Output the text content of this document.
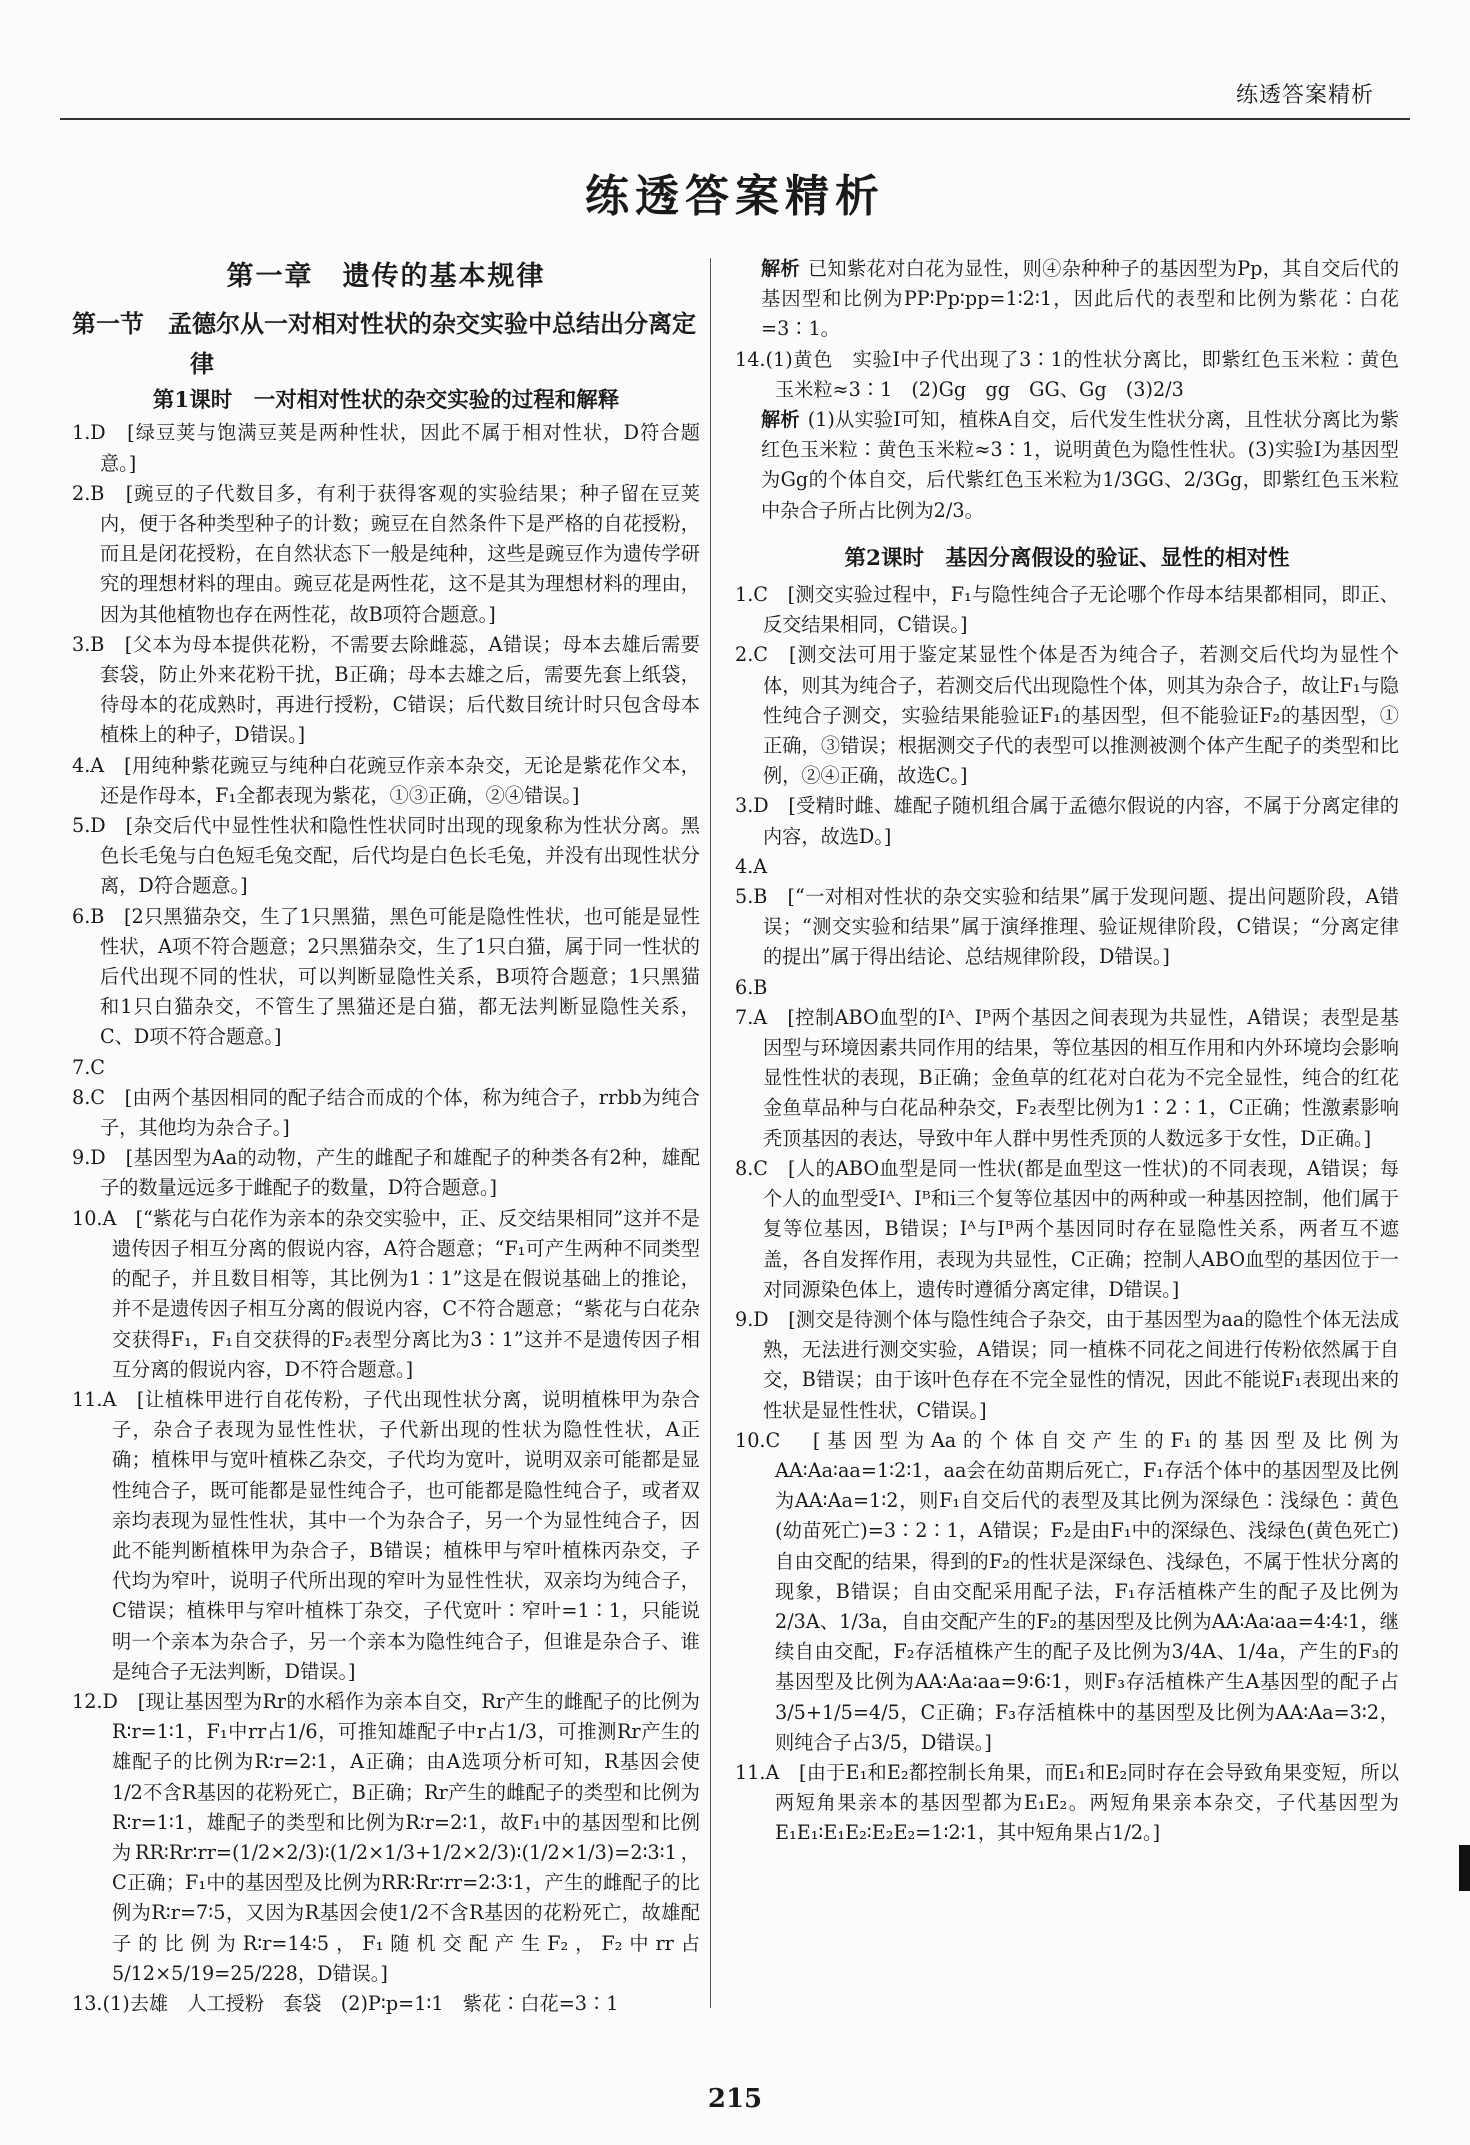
练透答案精析
练透答案精析
第一章　遗传的基本规律
第一节　孟德尔从一对相对性状的杂交实验中总结出分离定律
第1课时　一对相对性状的杂交实验的过程和解释

1.D　[绿豆荚与饱满豆荚是两种性状，因此不属于相对性状，D符合题意。]

2.B　[豌豆的子代数目多，有利于获得客观的实验结果；种子留在豆荚内，便于各种类型种子的计数；豌豆在自然条件下是严格的自花授粉，而且是闭花授粉，在自然状态下一般是纯种，这些是豌豆作为遗传学研究的理想材料的理由。豌豆花是两性花，这不是其为理想材料的理由，因为其他植物也存在两性花，故B项符合题意。]

3.B　[父本为母本提供花粉，不需要去除雌蕊，A错误；母本去雄后需要套袋，防止外来花粉干扰，B正确；母本去雄之后，需要先套上纸袋，待母本的花成熟时，再进行授粉，C错误；后代数目统计时只包含母本植株上的种子，D错误。]

4.A　[用纯种紫花豌豆与纯种白花豌豆作亲本杂交，无论是紫花作父本，还是作母本，F₁全都表现为紫花，①③正确，②④错误。]

5.D　[杂交后代中显性性状和隐性性状同时出现的现象称为性状分离。黑色长毛兔与白色短毛兔交配，后代均是白色长毛兔，并没有出现性状分离，D符合题意。]

6.B　[2只黑猫杂交，生了1只黑猫，黑色可能是隐性性状，也可能是显性性状，A项不符合题意；2只黑猫杂交，生了1只白猫，属于同一性状的后代出现不同的性状，可以判断显隐性关系，B项符合题意；1只黑猫和1只白猫杂交，不管生了黑猫还是白猫，都无法判断显隐性关系，C、D项不符合题意。]

7.C

8.C　[由两个基因相同的配子结合而成的个体，称为纯合子，rrbb为纯合子，其他均为杂合子。]

9.D　[基因型为Aa的动物，产生的雌配子和雄配子的种类各有2种，雄配子的数量远远多于雌配子的数量，D符合题意。]

10.A　[“紫花与白花作为亲本的杂交实验中，正、反交结果相同”这并不是遗传因子相互分离的假说内容，A符合题意；“F₁可产生两种不同类型的配子，并且数目相等，其比例为1∶1”这是在假说基础上的推论，并不是遗传因子相互分离的假说内容，C不符合题意；“紫花与白花杂交获得F₁，F₁自交获得的F₂表型分离比为3∶1”这并不是遗传因子相互分离的假说内容，D不符合题意。]

11.A　[让植株甲进行自花传粉，子代出现性状分离，说明植株甲为杂合子，杂合子表现为显性性状，子代新出现的性状为隐性性状，A正确；植株甲与宽叶植株乙杂交，子代均为宽叶，说明双亲可能都是显性纯合子，既可能都是显性纯合子，也可能都是隐性纯合子，或者双亲均表现为显性性状，其中一个为杂合子，另一个为显性纯合子，因此不能判断植株甲为杂合子，B错误；植株甲与窄叶植株丙杂交，子代均为窄叶，说明子代所出现的窄叶为显性性状，双亲均为纯合子，C错误；植株甲与窄叶植株丁杂交，子代宽叶∶窄叶=1∶1，只能说明一个亲本为杂合子，另一个亲本为隐性纯合子，但谁是杂合子、谁是纯合子无法判断，D错误。]

12.D　[现让基因型为Rr的水稻作为亲本自交，Rr产生的雌配子的比例为R∶r=1∶1，F₁中rr占1/6，可推知雄配子中r占1/3，可推测Rr产生的雄配子的比例为R∶r=2∶1，A正确；由A选项分析可知，R基因会使1/2不含R基因的花粉死亡，B正确；Rr产生的雌配子的类型和比例为R∶r=1∶1，雄配子的类型和比例为R∶r=2∶1，故F₁中的基因型和比例为RR∶Rr∶rr=(1/2×2/3)∶(1/2×1/3+1/2×2/3)∶(1/2×1/3)=2∶3∶1，C正确；F₁中的基因型及比例为RR∶Rr∶rr=2∶3∶1，产生的雌配子的比例为R∶r=7∶5，又因为R基因会使1/2不含R基因的花粉死亡，故雄配子的比例为R∶r=14∶5，F₁随机交配产生F₂，F₂中rr占5/12×5/19=25/228，D错误。]

13.(1)去雄　人工授粉　套袋　(2)P∶p=1∶1　紫花∶白花=3∶1

解析 已知紫花对白花为显性，则④杂种种子的基因型为Pp，其自交后代的基因型和比例为PP∶Pp∶pp=1∶2∶1，因此后代的表型和比例为紫花∶白花=3∶1。

14.(1)黄色　实验Ⅰ中子代出现了3∶1的性状分离比，即紫红色玉米粒∶黄色玉米粒≈3∶1　(2)Gg　gg　GG、Gg　(3)2/3

解析 (1)从实验Ⅰ可知，植株A自交，后代发生性状分离，且性状分离比为紫红色玉米粒∶黄色玉米粒≈3∶1，说明黄色为隐性性状。(3)实验Ⅰ为基因型为Gg的个体自交，后代紫红色玉米粒为1/3GG、2/3Gg，即紫红色玉米粒中杂合子所占比例为2/3。

第2课时　基因分离假设的验证、显性的相对性

1.C　[测交实验过程中，F₁与隐性纯合子无论哪个作母本结果都相同，即正、反交结果相同，C错误。]

2.C　[测交法可用于鉴定某显性个体是否为纯合子，若测交后代均为显性个体，则其为纯合子，若测交后代出现隐性个体，则其为杂合子，故让F₁与隐性纯合子测交，实验结果能验证F₁的基因型，但不能验证F₂的基因型，①正确，③错误；根据测交子代的表型可以推测被测个体产生配子的类型和比例，②④正确，故选C。]

3.D　[受精时雌、雄配子随机组合属于孟德尔假说的内容，不属于分离定律的内容，故选D。]

4.A

5.B　[“一对相对性状的杂交实验和结果”属于发现问题、提出问题阶段，A错误；“测交实验和结果”属于演绎推理、验证规律阶段，C错误；“分离定律的提出”属于得出结论、总结规律阶段，D错误。]

6.B

7.A　[控制ABO血型的Iᴬ、Iᴮ两个基因之间表现为共显性，A错误；表型是基因型与环境因素共同作用的结果，等位基因的相互作用和内外环境均会影响显性性状的表现，B正确；金鱼草的红花对白花为不完全显性，纯合的红花金鱼草品种与白花品种杂交，F₂表型比例为1∶2∶1，C正确；性激素影响秃顶基因的表达，导致中年人群中男性秃顶的人数远多于女性，D正确。]

8.C　[人的ABO血型是同一性状(都是血型这一性状)的不同表现，A错误；每个人的血型受Iᴬ、Iᴮ和i三个复等位基因中的两种或一种基因控制，他们属于复等位基因，B错误；Iᴬ与Iᴮ两个基因同时存在显隐性关系，两者互不遮盖，各自发挥作用，表现为共显性，C正确；控制人ABO血型的基因位于一对同源染色体上，遗传时遵循分离定律，D错误。]

9.D　[测交是待测个体与隐性纯合子杂交，由于基因型为aa的隐性个体无法成熟，无法进行测交实验，A错误；同一植株不同花之间进行传粉依然属于自交，B错误；由于该叶色存在不完全显性的情况，因此不能说F₁表现出来的性状是显性性状，C错误。]

10.C　[基因型为Aa的个体自交产生的F₁的基因型及比例为AA∶Aa∶aa=1∶2∶1，aa会在幼苗期后死亡，F₁存活个体中的基因型及比例为AA∶Aa=1∶2，则F₁自交后代的表型及其比例为深绿色∶浅绿色∶黄色(幼苗死亡)=3∶2∶1，A错误；F₂是由F₁中的深绿色、浅绿色(黄色死亡)自由交配的结果，得到的F₂的性状是深绿色、浅绿色，不属于性状分离的现象，B错误；自由交配采用配子法，F₁存活植株产生的配子及比例为2/3A、1/3a，自由交配产生的F₂的基因型及比例为AA∶Aa∶aa=4∶4∶1，继续自由交配，F₂存活植株产生的配子及比例为3/4A、1/4a，产生的F₃的基因型及比例为AA∶Aa∶aa=9∶6∶1，则F₃存活植株产生A基因型的配子占3/5+1/5=4/5，C正确；F₃存活植株中的基因型及比例为AA∶Aa=3∶2，则纯合子占3/5，D错误。]

11.A　[由于E₁和E₂都控制长角果，而E₁和E₂同时存在会导致角果变短，所以两短角果亲本的基因型都为E₁E₂。两短角果亲本杂交，子代基因型为E₁E₁∶E₁E₂∶E₂E₂=1∶2∶1，其中短角果占1/2。]

215
